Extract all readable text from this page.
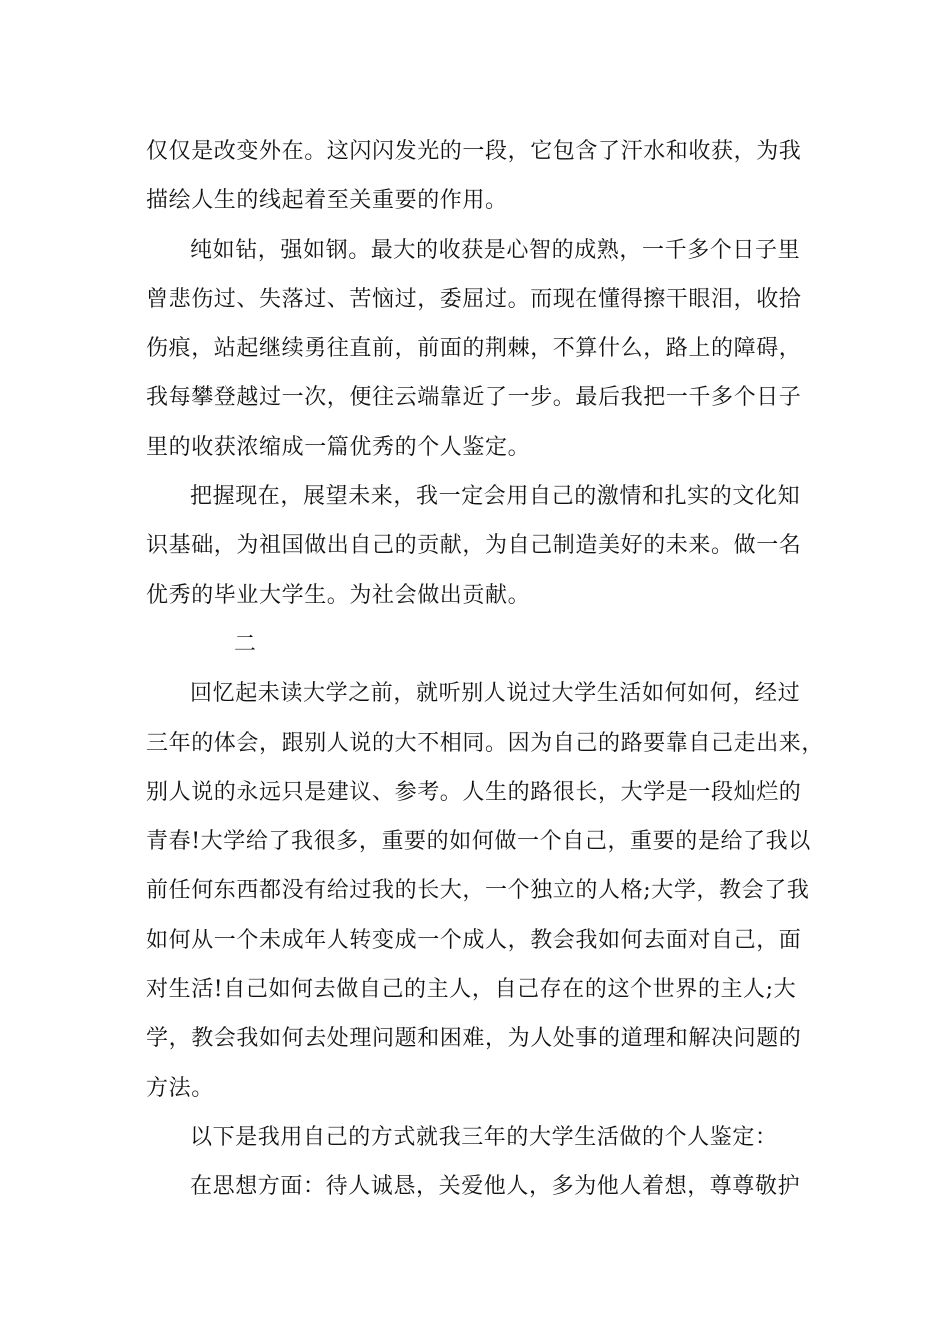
仅仅是改变外在。这闪闪发光的一段，它包含了汗水和收获，为我
描绘人生的线起着至关重要的作用。
纯如钻，强如钢。最大的收获是心智的成熟，一千多个日子里
曾悲伤过、失落过、苦恼过，委屈过。而现在懂得擦干眼泪，收拾
伤痕，站起继续勇往直前，前面的荆棘，不算什么，路上的障碍，
我每攀登越过一次，便往云端靠近了一步。最后我把一千多个日子
里的收获浓缩成一篇优秀的个人鉴定。
把握现在，展望未来，我一定会用自己的激情和扎实的文化知
识基础，为祖国做出自己的贡献，为自己制造美好的未来。做一名
优秀的毕业大学生。为社会做出贡献。
二
回忆起未读大学之前，就听别人说过大学生活如何如何，经过
三年的体会，跟别人说的大不相同。因为自己的路要靠自己走出来，
别人说的永远只是建议、参考。人生的路很长，大学是一段灿烂的
青春!大学给了我很多，重要的如何做一个自己，重要的是给了我以
前任何东西都没有给过我的长大，一个独立的人格;大学，教会了我
如何从一个未成年人转变成一个成人，教会我如何去面对自己，面
对生活!自己如何去做自己的主人，自己存在的这个世界的主人;大
学，教会我如何去处理问题和困难，为人处事的道理和解决问题的
方法。
以下是我用自己的方式就我三年的大学生活做的个人鉴定：
在思想方面：待人诚恳，关爱他人，多为他人着想，尊尊敬护
